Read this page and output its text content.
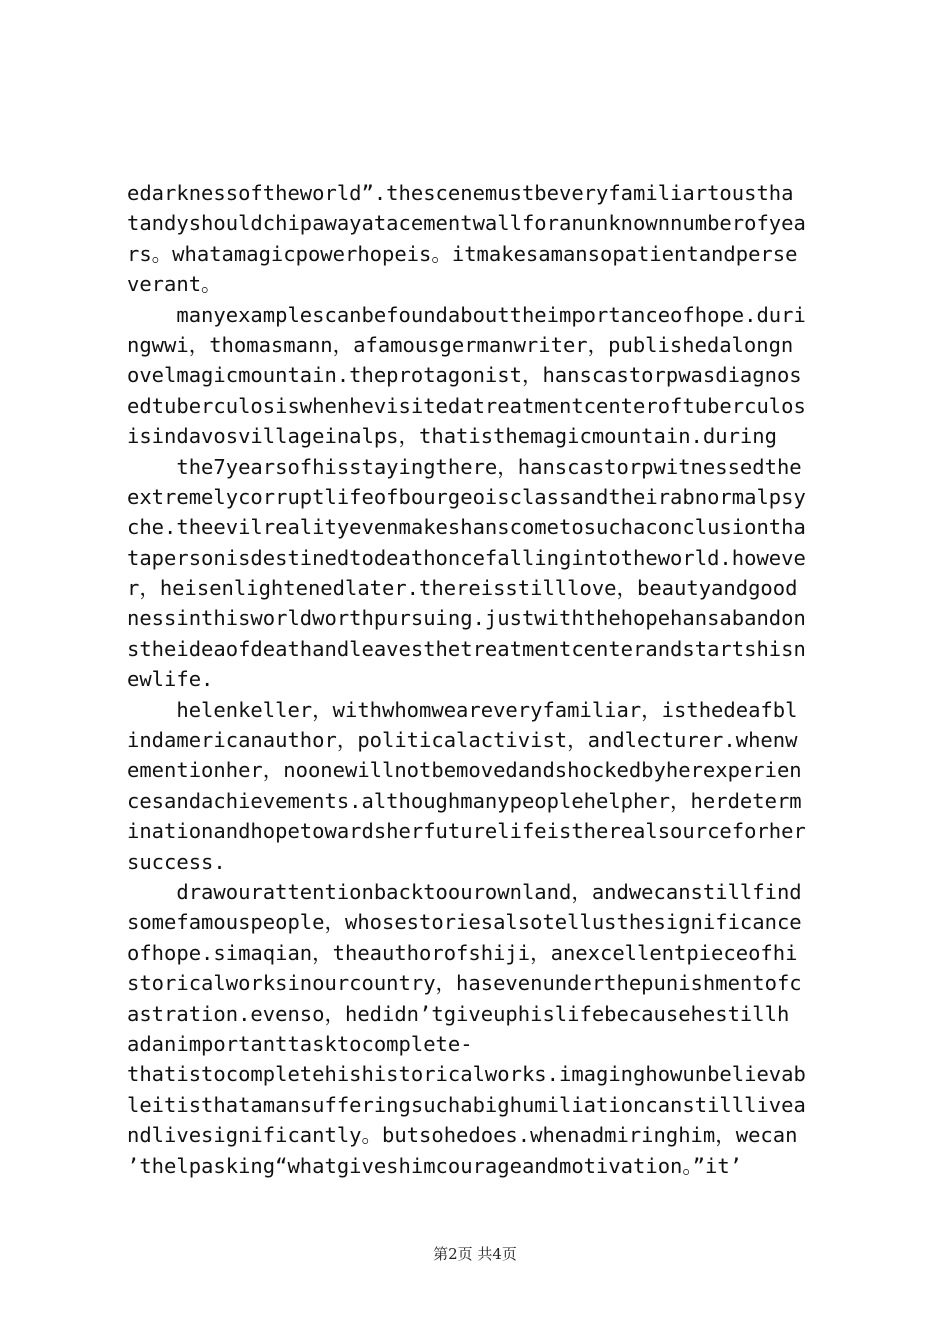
edarknessoftheworld”.thescenemustbeveryfamiliartousthа
tandyshouldchipawayatacementwallforanunknownnumberofyea
rs。whatamagicpowerhopeis。itmakesamansopatientandperse
verant。
manyexamplescanbefoundabouttheimportanceofhope.duri
ngwwi，thomasmann，afamousgermanwriter，publishedalongn
ovelmagicmountain.theprotagonist，hanscastorpwasdiagnos
edtuberculosiswhenhevisitedatreatmentcenteroftuberculos
isindavosvillageinalps，thatisthemagicmountain.during
the7yearsofhisstayingthere，hanscastorpwitnessedthe
extremelycorruptlifeofbourgeoisclassandtheirabnormalpsy
che.theevilrealityevenmakeshanscometosuchaconclusiontha
tapersonisdestinedtodeathoncefallingintotheworld.howeve
r，heisenlightenedlater.thereisstilllove，beautyandgood
nessinthisworldworthpursuing.justwiththehopehansabandon
stheideaofdeathandleavesthetreatmentcenterandstartshisn
ewlife.
helenkeller，withwhomweareveryfamiliar，isthedeafbl
indamericanauthor，politicalactivist，andlecturer.whenw
ementionher，noonewillnotbemovedandshockedbyherexperien
cesandachievements.althoughmanypeoplehelpher，herdeterm
inationandhopetowardsherfuturelifeistherealsourceforher
success.
drawourattentionbacktoourownland，andwecanstillfind
somefamouspeople，whosestoriesalsotellusthesignificance
ofhope.simaqian，theauthorofshiji，anexcellentpieceofhi
storicalworksinourcountry，hasevenunderthepunishmentofc
astration.evenso，hedidn’tgiveuphislifebecausehestillh
adanimportanttasktocomplete-
thatistocompletehishistoricalworks.imaginghowunbelievab
leitisthatamansufferingsuchabighumiliationcanstillliveа
ndlivesignificantly。butsohedoes.whenadmiringhim，wecan
’thelpasking“whatgiveshimcourageandmotivation。”it’
第2页 共4页
